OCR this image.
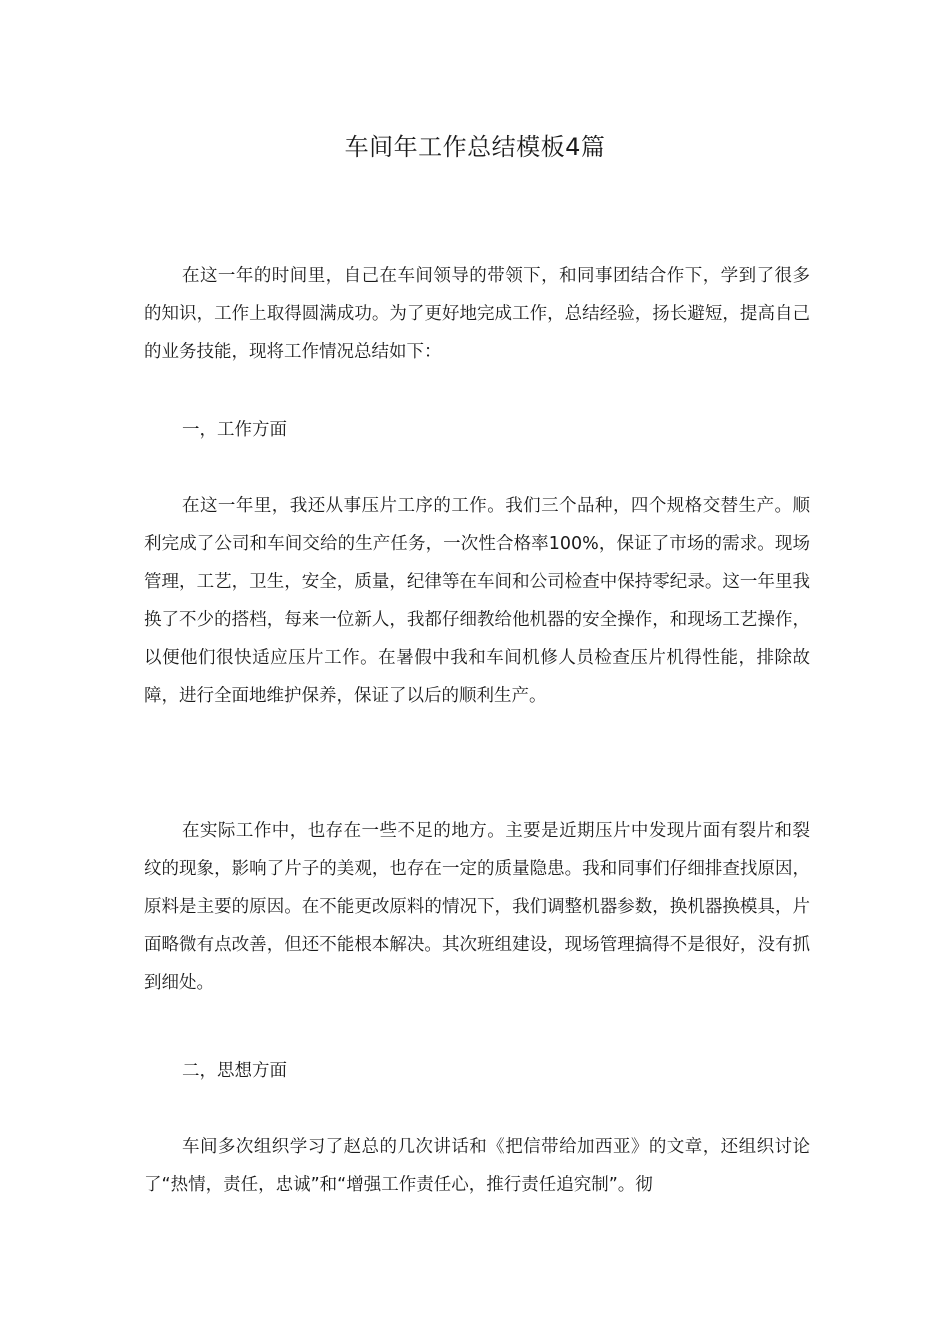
车间年工作总结模板4篇

在这一年的时间里，自己在车间领导的带领下，和同事团结合作下，学到了很多的知识，工作上取得圆满成功。为了更好地完成工作，总结经验，扬长避短，提高自己的业务技能，现将工作情况总结如下：

一，工作方面

在这一年里，我还从事压片工序的工作。我们三个品种，四个规格交替生产。顺利完成了公司和车间交给的生产任务，一次性合格率100%，保证了市场的需求。现场管理，工艺，卫生，安全，质量，纪律等在车间和公司检查中保持零纪录。这一年里我换了不少的搭档，每来一位新人，我都仔细教给他机器的安全操作，和现场工艺操作，以便他们很快适应压片工作。在暑假中我和车间机修人员检查压片机得性能，排除故障，进行全面地维护保养，保证了以后的顺利生产。

在实际工作中，也存在一些不足的地方。主要是近期压片中发现片面有裂片和裂纹的现象，影响了片子的美观，也存在一定的质量隐患。我和同事们仔细排查找原因，原料是主要的原因。在不能更改原料的情况下，我们调整机器参数，换机器换模具，片面略微有点改善，但还不能根本解决。其次班组建设，现场管理搞得不是很好，没有抓到细处。

二，思想方面

车间多次组织学习了赵总的几次讲话和《把信带给加西亚》的文章，还组织讨论了“热情，责任，忠诚”和“增强工作责任心，推行责任追究制”。彻
